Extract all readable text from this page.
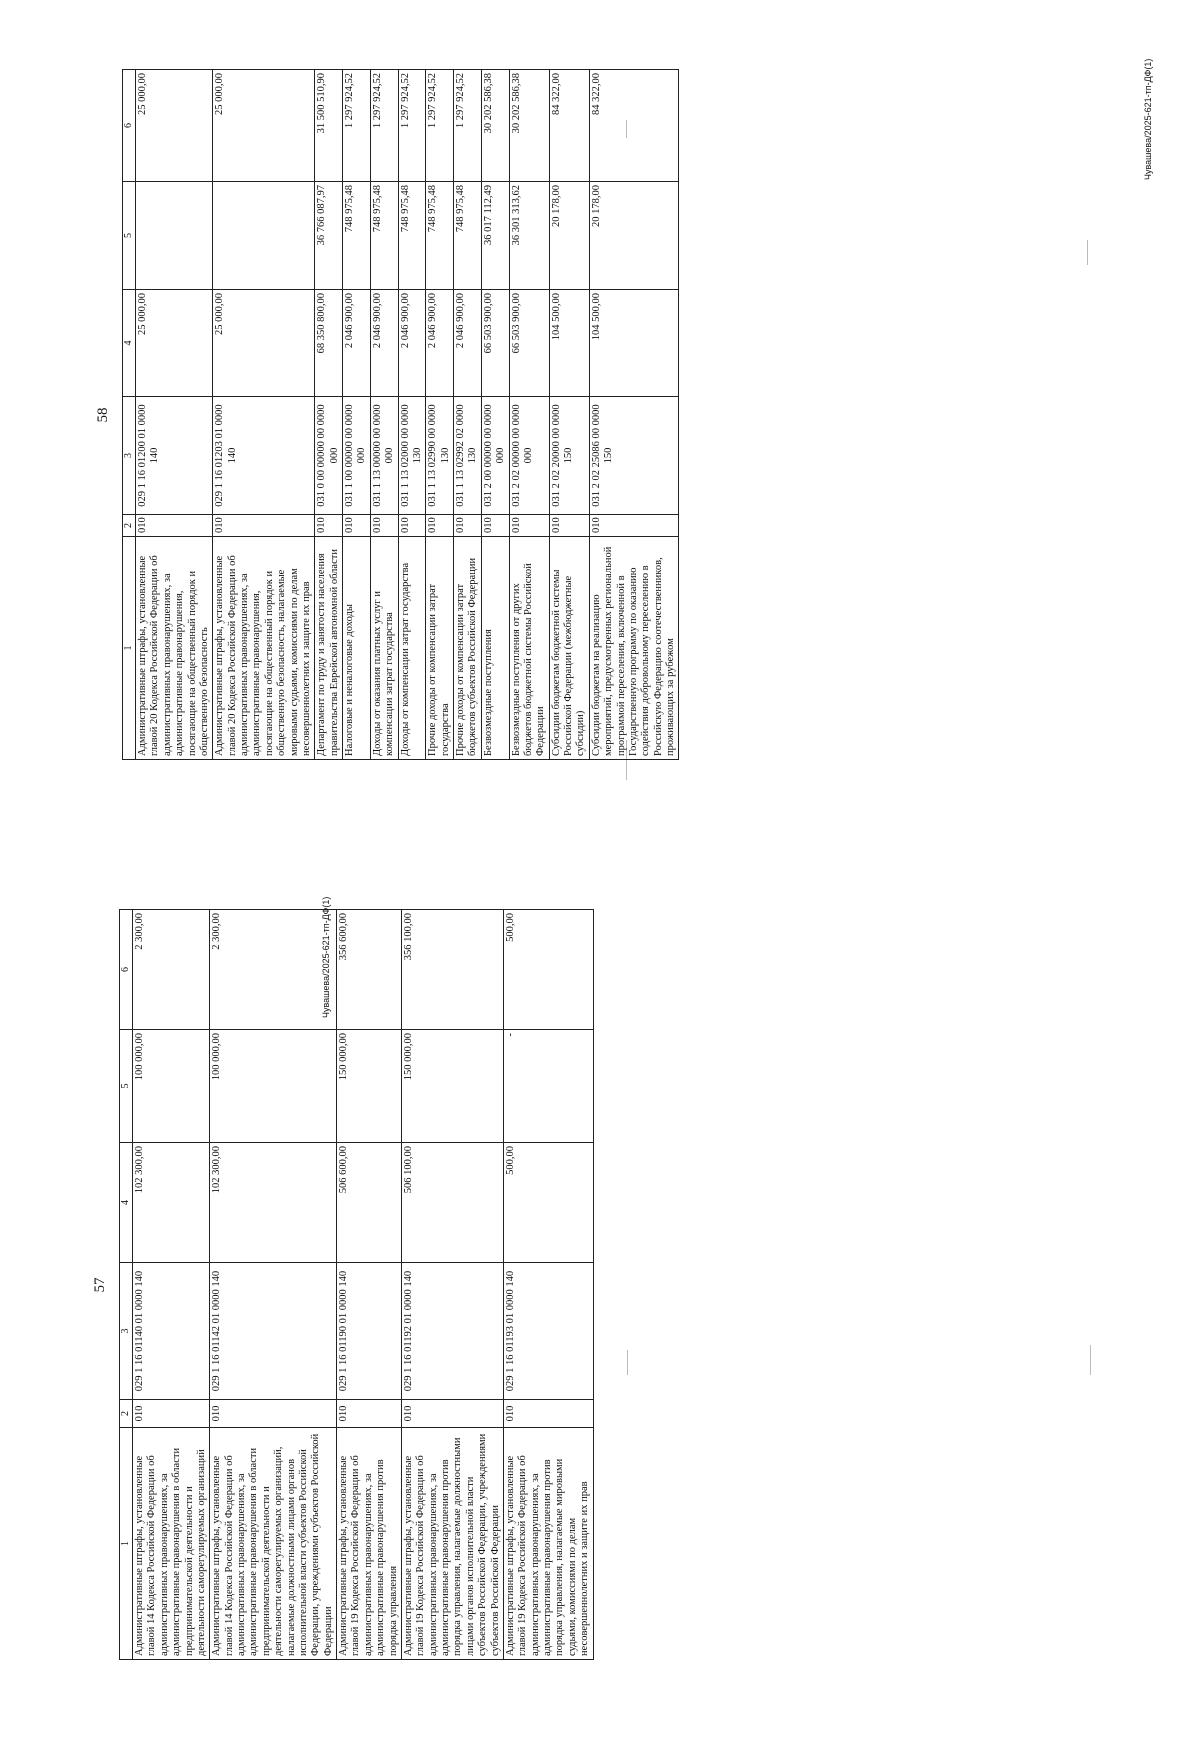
58
1	2	3	4	5	6
Административные штрафы, установленные главой 20 Кодекса Российской Федерации об административных правонарушениях, за административные правонарушения, посягающие на общественный порядок и общественную безопасность	010	029 1 16 01200 01 0000 140	25 000,00		25 000,00
Административные штрафы, установленные главой 20 Кодекса Российской Федерации об административных правонарушениях, за административные правонарушения, посягающие на общественный порядок и общественную безопасность, налагаемые мировыми судьями, комиссиями по делам несовершеннолетних и защите их прав	010	029 1 16 01203 01 0000 140	25 000,00		25 000,00
Департамент по труду и занятости населения правительства Еврейской автономной области	010	031 0 00 00000 00 0000 000	68 350 800,00	36 766 087,97	31 500 510,90
Налоговые и неналоговые доходы	010	031 1 00 00000 00 0000 000	2 046 900,00	748 975,48	1 297 924,52
Доходы от оказания платных услуг и компенсации затрат государства	010	031 1 13 00000 00 0000 000	2 046 900,00	748 975,48	1 297 924,52
Доходы от компенсации затрат государства	010	031 1 13 02000 00 0000 130	2 046 900,00	748 975,48	1 297 924,52
Прочие доходы от компенсации затрат государства	010	031 1 13 02990 00 0000 130	2 046 900,00	748 975,48	1 297 924,52
Прочие доходы от компенсации затрат бюджетов субъектов Российской Федерации	010	031 1 13 02992 02 0000 130	2 046 900,00	748 975,48	1 297 924,52
Безвозмездные поступления	010	031 2 00 00000 00 0000 000	66 503 900,00	36 017 112,49	30 202 586,38
Безвозмездные поступления от других бюджетов бюджетной системы Российской Федерации	010	031 2 02 00000 00 0000 000	66 503 900,00	36 301 313,62	30 202 586,38
Субсидии бюджетам бюджетной системы Российской Федерации (межбюджетные субсидии)	010	031 2 02 20000 00 0000 150	104 500,00	20 178,00	84 322,00
Субсидии бюджетам на реализацию мероприятий, предусмотренных региональной программой переселения, включенной в Государственную программу по оказанию содействия добровольному переселению в Российскую Федерацию соотечественников, проживающих за рубежом	010	031 2 02 25086 00 0000 150	104 500,00	20 178,00	84 322,00
57
1	2	3	4	5	6
Административные штрафы, установленные главой 14 Кодекса Российской Федерации об административных правонарушениях, за административные правонарушения в области предпринимательской деятельности и деятельности саморегулируемых организаций	010	029 1 16 01140 01 0000 140	102 300,00	100 000,00	2 300,00
Административные штрафы, установленные главой 14 Кодекса Российской Федерации об административных правонарушениях, за административные правонарушения в области предпринимательской деятельности и деятельности саморегулируемых организаций, налагаемые должностными лицами органов исполнительной власти субъектов Российской Федерации, учреждениями субъектов Российской Федерации	010	029 1 16 01142 01 0000 140	102 300,00	100 000,00	2 300,00
Административные штрафы, установленные главой 19 Кодекса Российской Федерации об административных правонарушениях, за административные правонарушения против порядка управления	010	029 1 16 01190 01 0000 140	506 600,00	150 000,00	356 600,00
Административные штрафы, установленные главой 19 Кодекса Российской Федерации об административных правонарушениях, за административные правонарушения против порядка управления, налагаемые должностными лицами органов исполнительной власти субъектов Российской Федерации, учреждениями субъектов Российской Федерации	010	029 1 16 01192 01 0000 140	506 100,00	150 000,00	356 100,00
Административные штрафы, установленные главой 19 Кодекса Российской Федерации об административных правонарушениях, за административные правонарушения против порядка управления, налагаемые мировыми судьями, комиссиями по делам несовершеннолетних и защите их прав	010	029 1 16 01193 01 0000 140	500,00	-	500,00
Чувашева/2025-621-тп-ДФ(1)
Чувашева/2025-621-тп-ДФ(1)
